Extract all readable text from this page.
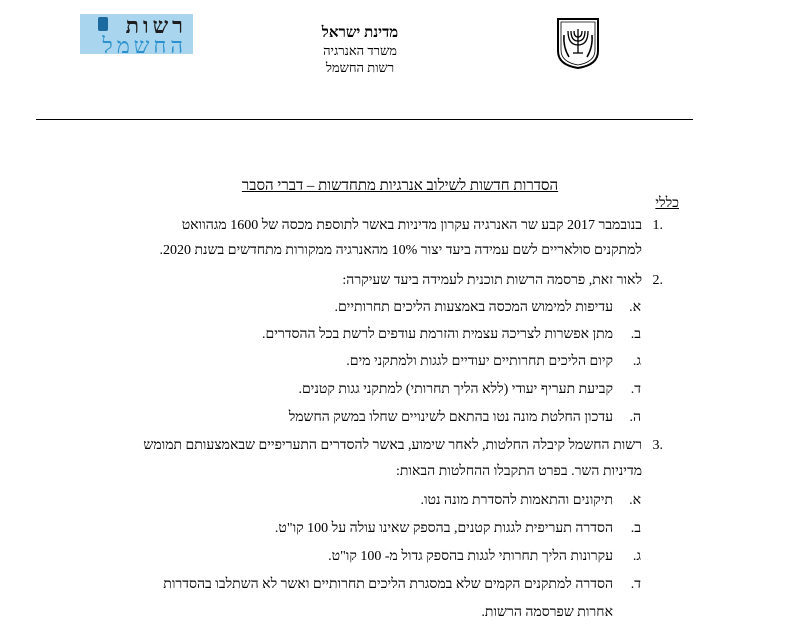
רשות
החשמל
מדינת ישראל
משרד האנרגיה
רשות החשמל
הסדרות חדשות לשילוב אנרגיות מתחדשות – דברי הסבר
כללי
1.
בנובמבר 2017 קבע שר האנרגיה עקרון מדיניות באשר לתוספת מכסה של 1600 מגהוואט
למתקנים סולאריים לשם עמידה ביעד יצור 10% מהאנרגיה ממקורות מתחדשים בשנת 2020.
2.
לאור זאת, פרסמה הרשות תוכנית לעמידה ביעד שעיקרה:
א.
עדיפות למימוש המכסה באמצעות הליכים תחרותיים.
ב.
מתן אפשרות לצריכה עצמית והזרמת עודפים לרשת בכל ההסדרים.
ג.
קיום הליכים תחרותיים יעודיים לגגות ולמתקני מים.
ד.
קביעת תעריף יעודי (ללא הליך תחרותי) למתקני גגות קטנים.
ה.
עדכון החלטת מונה נטו בהתאם לשינויים שחלו במשק החשמל
3.
רשות החשמל קיבלה החלטות, לאחר שימוע, באשר להסדרים התעריפיים שבאמצעותם תמומש
מדיניות השר. בפרט התקבלו ההחלטות הבאות:
א.
תיקונים והתאמות להסדרת מונה נטו.
ב.
הסדרה תעריפית לגגות קטנים, בהספק שאינו עולה על 100 קו"ט.
ג.
עקרונות הליך תחרותי לגגות בהספק גדול מ- 100 קו"ט.
ד.
הסדרה למתקנים הקמים שלא במסגרת הליכים תחרותיים ואשר לא השתלבו בהסדרות
אחרות שפרסמה הרשות.
